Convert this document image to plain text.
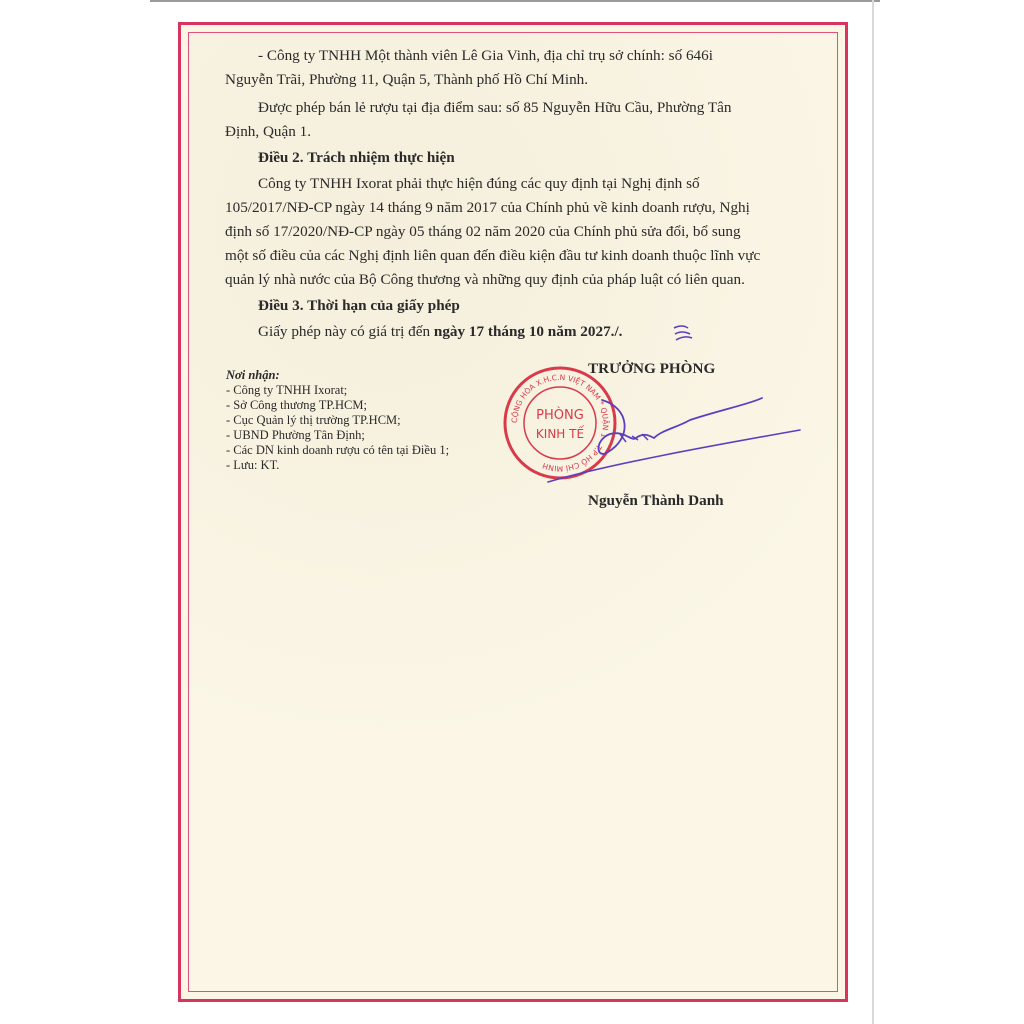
- Công ty TNHH Một thành viên Lê Gia Vinh, địa chỉ trụ sở chính: số 646i
Nguyễn Trãi, Phường 11, Quận 5, Thành phố Hồ Chí Minh.
Được phép bán lẻ rượu tại địa điểm sau: số 85 Nguyễn Hữu Cầu, Phường Tân
Định, Quận 1.
Điều 2. Trách nhiệm thực hiện
Công ty TNHH Ixorat phải thực hiện đúng các quy định tại Nghị định số
105/2017/NĐ-CP ngày 14 tháng 9 năm 2017 của Chính phủ về kinh doanh rượu, Nghị
định số 17/2020/NĐ-CP ngày 05 tháng 02 năm 2020 của Chính phủ sửa đổi, bổ sung
một số điều của các Nghị định liên quan đến điều kiện đầu tư kinh doanh thuộc lĩnh vực
quản lý nhà nước của Bộ Công thương và những quy định của pháp luật có liên quan.
Điều 3. Thời hạn của giấy phép
Giấy phép này có giá trị đến ngày 17 tháng 10 năm 2027./.
Nơi nhận:
- Công ty TNHH Ixorat;
- Sở Công thương TP.HCM;
- Cục Quản lý thị trường TP.HCM;
- UBND Phường Tân Định;
- Các DN kinh doanh rượu có tên tại Điều 1;
- Lưu: KT.
TRƯỞNG PHÒNG
CỘNG HÒA X.H.C.N VIỆT NAM * QUẬN 1 - T.P HỒ CHÍ MINH
PHÒNG
KINH TẾ
Nguyễn Thành Danh
